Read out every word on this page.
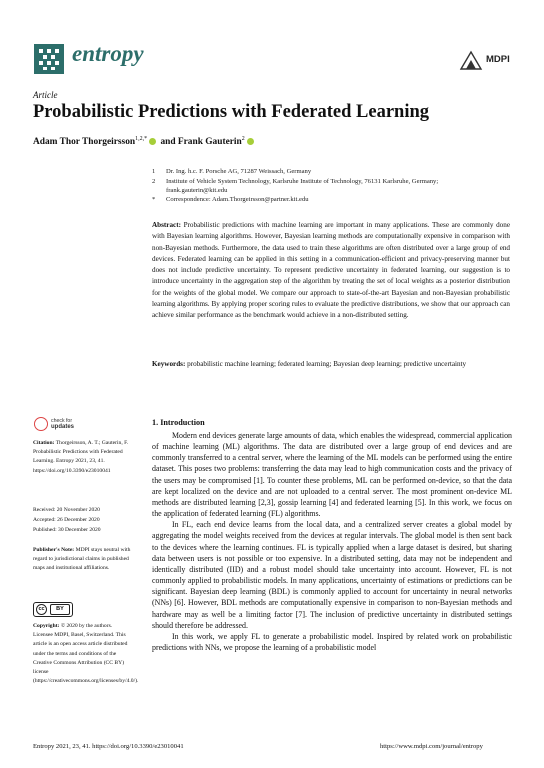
entropy	MDPI
Article
Probabilistic Predictions with Federated Learning
Adam Thor Thorgeirsson$^{1,2,*}$ and Frank Gauterin$^2$
1 Dr. Ing. h.c. F. Porsche AG, 71287 Weissach, Germany
2 Institute of Vehicle System Technology, Karlsruhe Institute of Technology, 76131 Karlsruhe, Germany;
frank.gauterin@kit.edu
* Correspondence: Adam.Thorgeirsson@partner.kit.edu
Abstract: Probabilistic predictions with machine learning are important in many applications. These are commonly done with Bayesian learning algorithms. However, Bayesian learning methods are computationally expensive in comparison with non-Bayesian methods. Furthermore, the data used to train these algorithms are often distributed over a large group of end devices. Federated learning can be applied in this setting in a communication-efficient and privacy-preserving manner but does not include predictive uncertainty. To represent predictive uncertainty in federated learning, our suggestion is to introduce uncertainty in the aggregation step of the algorithm by treating the set of local weights as a posterior distribution for the weights of the global model. We compare our approach to state-of-the-art Bayesian and non-Bayesian probabilistic learning algorithms. By applying proper scoring rules to evaluate the predictive distributions, we show that our approach can achieve similar performance as the benchmark would achieve in a non-distributed setting.
Keywords: probabilistic machine learning; federated learning; Bayesian deep learning; predictive uncertainty
check for
updates
Citation: Thorgeirsson, A. T.; Gauterin, F. Probabilistic Predictions with Federated Learning. Entropy 2021, 23, 41. https://doi.org/10.3390/e23010041
Received: 20 November 2020
Accepted: 26 December 2020
Published: 30 December 2020
Publisher's Note: MDPI stays neutral with regard to jurisdictional claims in published maps and institutional affiliations.
cc	BY
Copyright: © 2020 by the authors. Licensee MDPI, Basel, Switzerland. This article is an open access article distributed under the terms and conditions of the Creative Commons Attribution (CC BY) license (https://creativecommons.org/licenses/by/4.0/).
1. Introduction

Modern end devices generate large amounts of data, which enables the widespread, commercial application of machine learning (ML) algorithms. The data are distributed over a large group of end devices and are commonly transferred to a central server, where the learning of the ML models can be performed using the entire dataset. This poses two problems: transferring the data may lead to high communication costs and the privacy of the users may be compromised [1]. To counter these problems, ML can be performed on-device, so that the data are kept localized on the device and are not uploaded to a central server. The most prominent on-device ML methods are distributed learning [2,3], gossip learning [4] and federated learning [5]. In this work, we focus on the application of federated learning (FL) algorithms.

In FL, each end device learns from the local data, and a centralized server creates a global model by aggregating the model weights received from the devices at regular intervals. The global model is then sent back to the devices where the learning continues. FL is typically applied when a large dataset is desired, but sharing data between users is not possible or too expensive. In a distributed setting, data may not be independent and identically distributed (IID) and a robust model should take uncertainty into account. However, FL is not commonly applied to probabilistic models. In many applications, uncertainty of estimations or predictions can be significant. Bayesian deep learning (BDL) is commonly applied to account for uncertainty in neural networks (NNs) [6]. However, BDL methods are computationally expensive in comparison to non-Bayesian methods and hardware may as well be a limiting factor [7]. The inclusion of predictive uncertainty in distributed settings should therefore be addressed.

In this work, we apply FL to generate a probabilistic model. Inspired by related work on probabilistic predictions with NNs, we propose the learning of a probabilistic model

Entropy 2021, 23, 41. https://doi.org/10.3390/e23010041	https://www.mdpi.com/journal/entropy
